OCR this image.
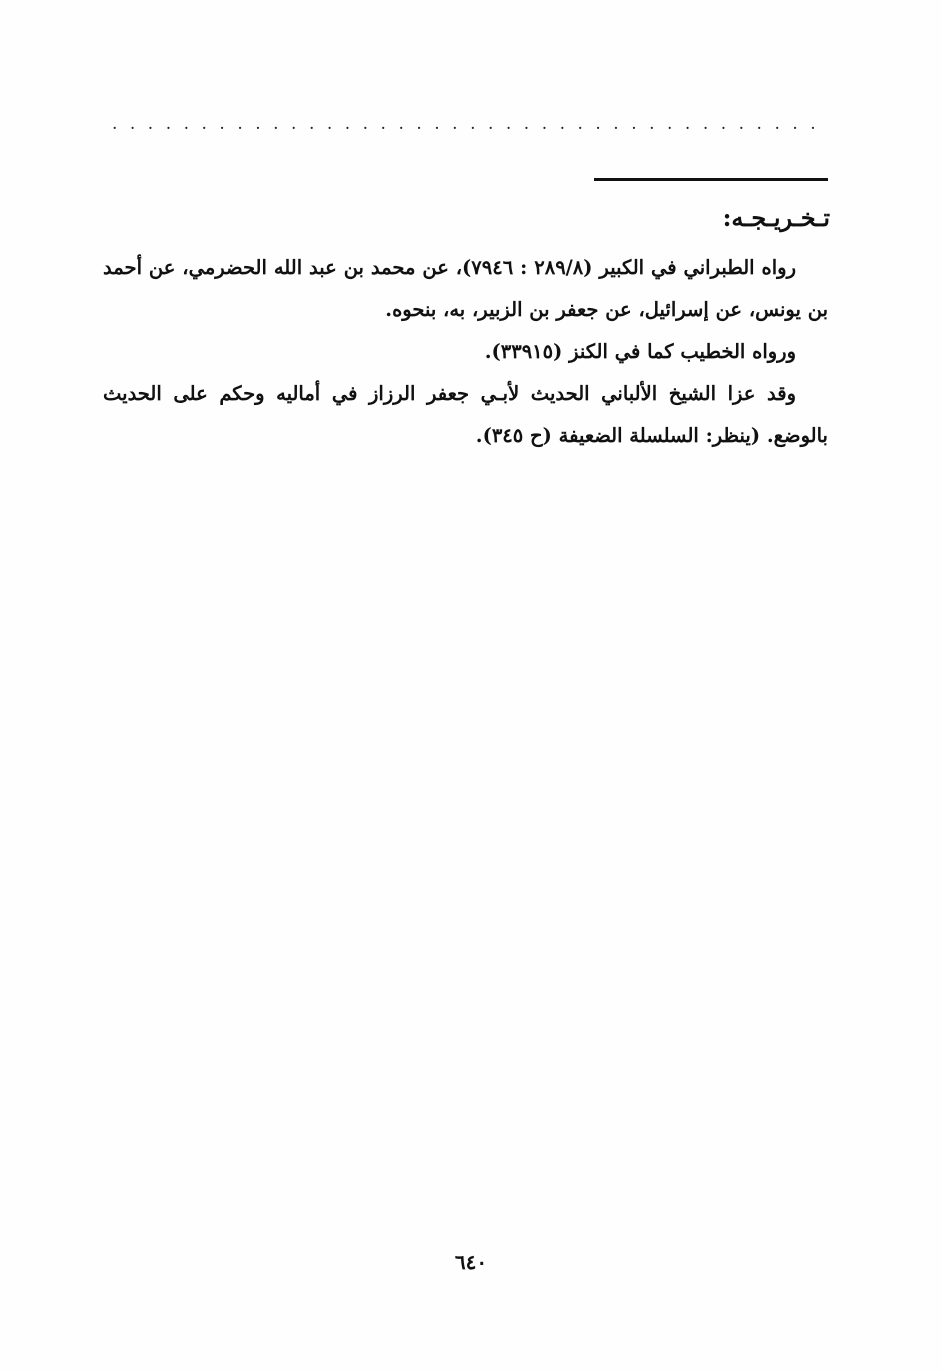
........................................
تـخـريـجـه:

رواه الطبراني في الكبير (٢٨٩/٨ : ٧٩٤٦)، عن محمد بن عبد الله الحضرمي، عن أحمد بن يونس، عن إسرائيل، عن جعفر بن الزبير، به، بنحوه.

ورواه الخطيب كما في الكنز (٣٣٩١٥).

وقد عزا الشيخ الألباني الحديث لأبـي جعفر الرزاز في أماليه وحكم على الحديث بالوضع. (ينظر: السلسلة الضعيفة (ح ٣٤٥).

٦٤٠
